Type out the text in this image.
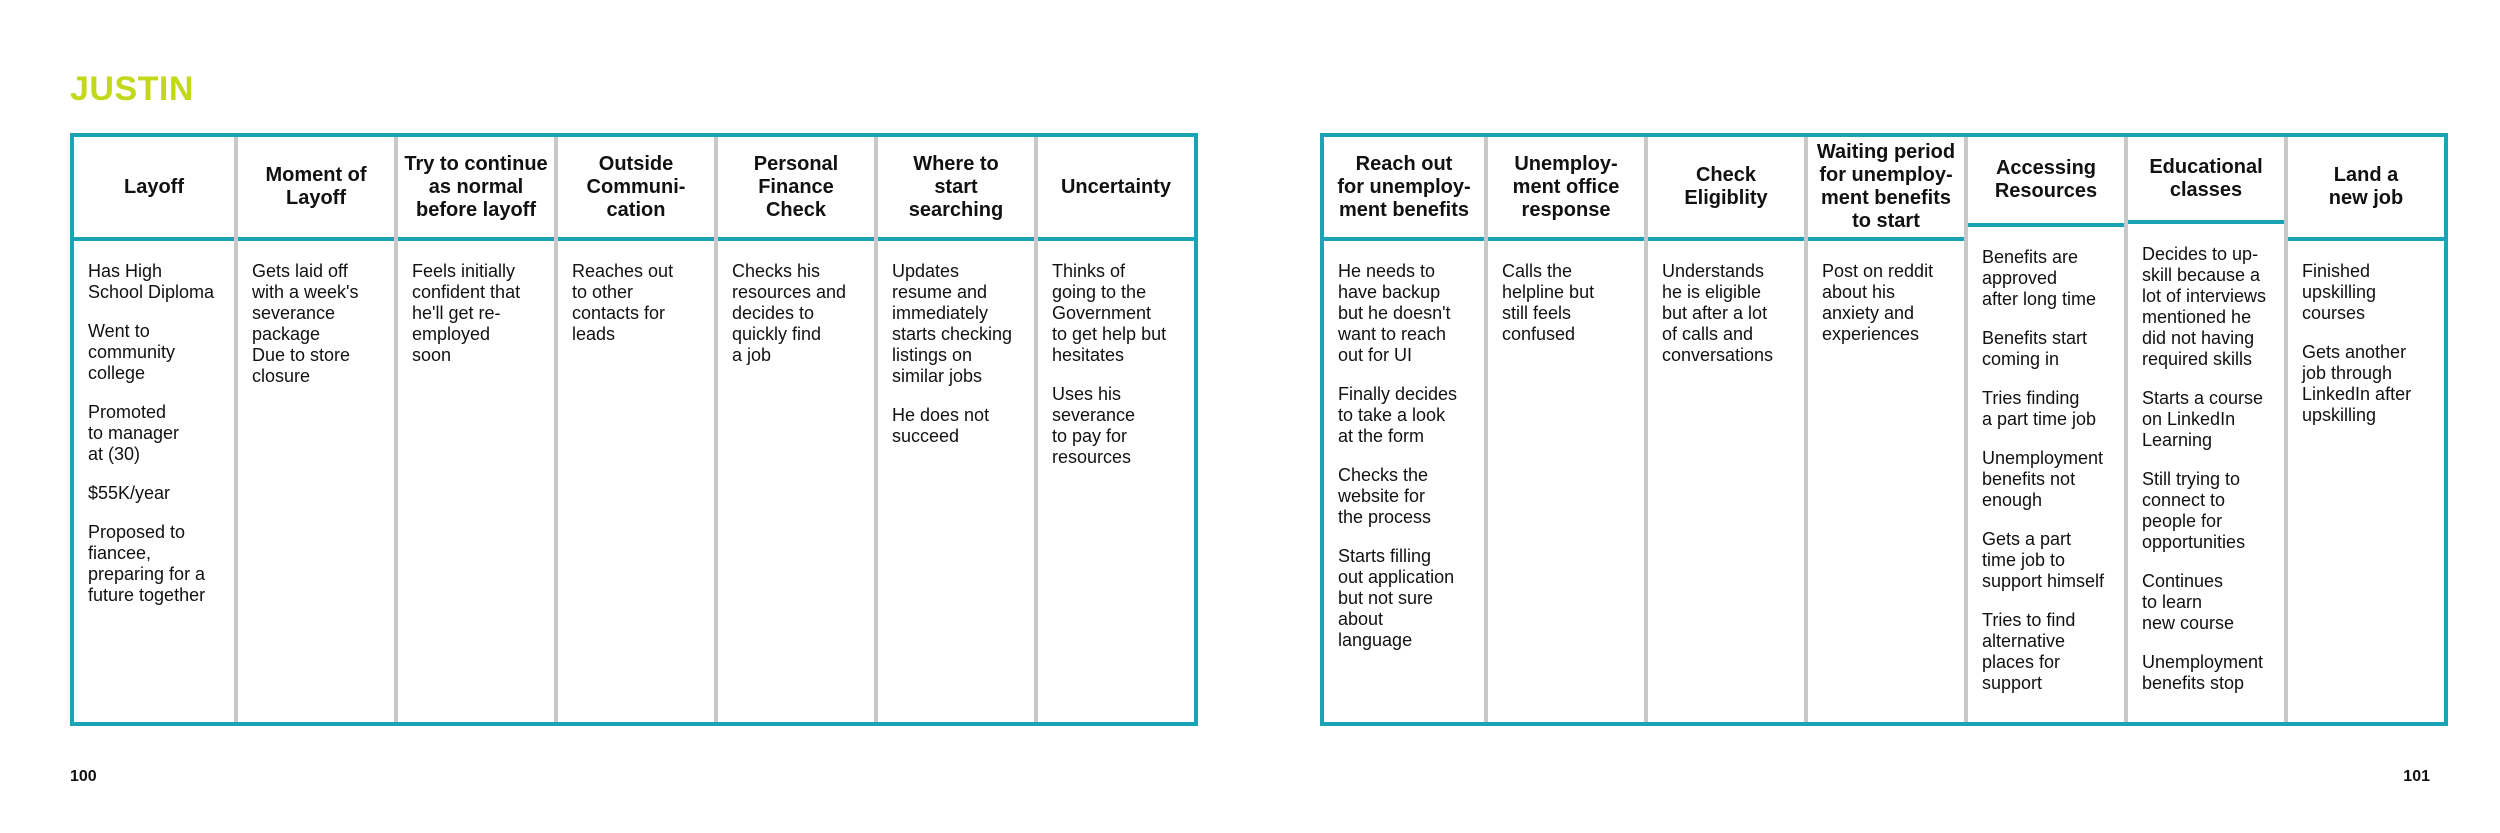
JUSTIN
Layoff

Has High
School Diploma

Went to
community
college

Promoted
to manager
at (30)

$55K/year

Proposed to
fiancee,
preparing for a
future together

Moment of
Layoff

Gets laid off
with a week's
severance
package
Due to store
closure

Try to continue
as normal
before layoff

Feels initially
confident that
he'll get re-
employed
soon

Outside
Communi-
cation

Reaches out
to other
contacts for
leads

Personal
Finance
Check

Checks his
resources and
decides to
quickly find
a job

Where to
start
searching

Updates
resume and
immediately
starts checking
listings on
similar jobs

He does not
succeed

Uncertainty

Thinks of
going to the
Government
to get help but
hesitates

Uses his
severance
to pay for
resources

Reach out
for unemploy-
ment benefits

He needs to
have backup
but he doesn't
want to reach
out for UI

Finally decides
to take a look
at the form

Checks the
website for
the process

Starts filling
out application
but not sure
about
language

Unemploy-
ment office
response

Calls the
helpline but
still feels
confused

Check
Eligiblity

Understands
he is eligible
but after a lot
of calls and
conversations

Waiting period
for unemploy-
ment benefits
to start

Post on reddit
about his
anxiety and
experiences

Accessing
Resources

Benefits are
approved
after long time

Benefits start
coming in

Tries finding
a part time job

Unemployment
benefits not
enough

Gets a part
time job to
support himself

Tries to find
alternative
places for
support

Educational
classes

Decides to up-
skill because a
lot of interviews
mentioned he
did not having
required skills

Starts a course
on LinkedIn
Learning

Still trying to
connect to
people for
opportunities

Continues
to learn
new course

Unemployment
benefits stop

Land a
new job

Finished
upskilling
courses

Gets another
job through
LinkedIn after
upskilling

100	101
